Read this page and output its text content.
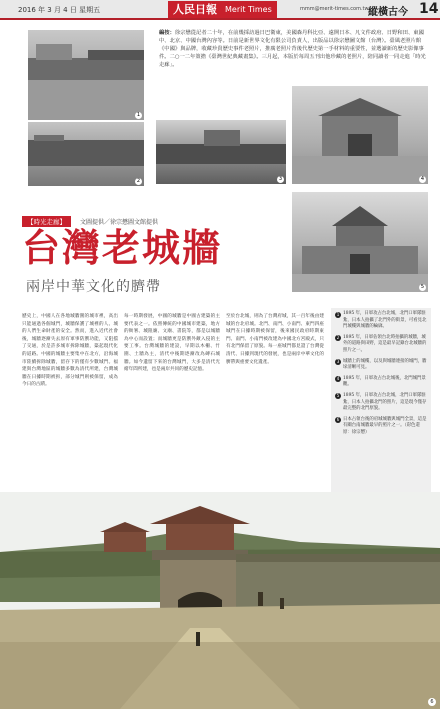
2016 年 3 月 4 日 星期五	人民日報	Merit Times	mmm@merit-times.com.tw 縱橫古今 14
1
2
編按：徐宗懋從記者二十年，在前幾採訪過日巴衛東，美國森丹科比亞、遠開日本、凡文件政府、日野和田、東國中、北京、中國台灣內容等。日前是新世界文化有限公司負責人，出版品以徐宗懋圖文館（台灣）。臺風老照片館《中國》與品牌，收藏珍貴歷史事件老照片，推廣老照片背後代歷史第一手材料的重要性，並選讀新的歷史影像事件。二○一二年策擔《臺灣世紀典藏畫集》。三月起，本版於每周五刊出他珍藏的老照片，陪同讀者一同走進「時光走廊」。
3	4
【時光走廊】	文圖提供／徐宗懋圖文館提供
台灣老城牆
兩岸中華文化的臍帶	5
歷史上，中國人在各地城牆圍的城市裡，高出只能通過各個城門，城牆保護了城裡的人、城的人們生命財產的安全。然而，進入近代社會後，城牆逐漸失去原有軍事防禦功能，又阻擋了交通，於是許多城市拆除城牆，築起現代化的道路。中國的城牆主要集中在北方，沿海城市陸續拆除城牆，留存下的僅有少數城門。福建與台灣地區的城牆多數為清代所建，台灣城牆在日據時期被拆，部分城門則被保留，成為今日的古蹟。
每一時期發展，中國的城牆是中國古建築的主要代表之一。依照傳統的中國城市建築，地方的衙署、城隍廟、文廟、書院等，都是以城牆為中心而設置；而城牆更是防禦外敵入侵的主要工事。台灣城牆的建設，早期以木柵、竹圍、土牆為主，清代中後期逐漸改為磚石城牆。如今遺留下來的台灣城門，大多是清代光緒年間所建，也是兩岸共同的歷史記憶。
至於台北城，則為了台灣府城，其一百年後由建城的台北府城。北門、南門、小南門、東門四座城門在日據時期被保留，後來國民政府時期東門、南門、小南門被改建為中國北方宮殿式，只有北門保留了原貌。每一座城門都見證了台灣從清代、日據到現代的發展，也是兩岸中華文化的臍帶與重要文化遺產。
1 1895 年，日軍攻占台北城，北門口軍隊駐紮，日本人拍攝了北門外的街景，可看見北門城樓與城牆的輪廓。
2 1895 年，日軍佔領台北時拍攝的城牆，城外的道路與田野，這是最早記錄台北城牆的照片之一。
3 城牆上的城樓，以及與城牆連接的城門，牆垛清晰可見。
4 1895 年，日軍攻占台北城後，北門城門景觀。
5 1895 年，日軍攻占台北城，北門口軍隊駐紮，日本人拍攝北門的照片，這是現今僅存最完整的北門原貌。
6 日本占領台後的府城城牆與城門全景，這是有關台南城牆最早的照片之一。（彩色還原：徐宗懋）
6
